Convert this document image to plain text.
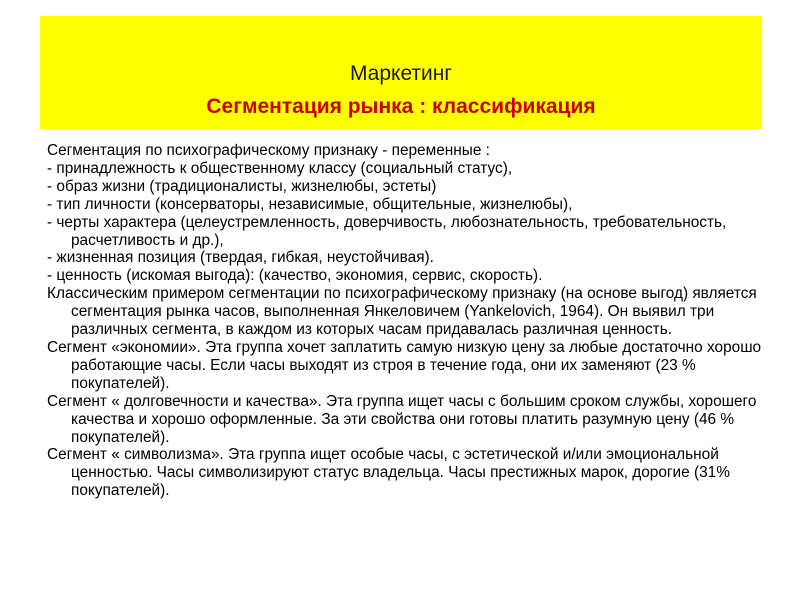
Маркетинг
Сегментация рынка : классификация

Сегментация по психографическому признаку - переменные :

- принадлежность к общественному классу (социальный статус),

- образ жизни (традиционалисты, жизнелюбы, эстеты)

- тип личности (консерваторы, независимые, общительные, жизнелюбы),

- черты характера (целеустремленность, доверчивость, любознательность, требовательность, расчетливость и др.),

- жизненная позиция (твердая, гибкая, неустойчивая).

- ценность (искомая выгода): (качество, экономия, сервис, скорость).

Классическим примером сегментации по психографическому признаку (на основе выгод) является сегментация рынка часов, выполненная Янкеловичем (Yankelovich, 1964). Он выявил три различных сегмента, в каждом из которых часам придавалась различная ценность.

Сегмент «экономии». Эта группа хочет заплатить самую низкую цену за любые достаточно хорошо работающие часы. Если часы выходят из строя в течение года, они их заменяют (23 % покупателей).

Сегмент « долговечности и качества». Эта группа ищет часы с большим сроком службы, хорошего качества и хорошо оформленные. За эти свойства они готовы платить разумную цену (46 % покупателей).

Сегмент « символизма». Эта группа ищет особые часы, с эстетической и/или эмоциональной ценностью. Часы символизируют статус владельца. Часы престижных марок, дорогие (31% покупателей).
